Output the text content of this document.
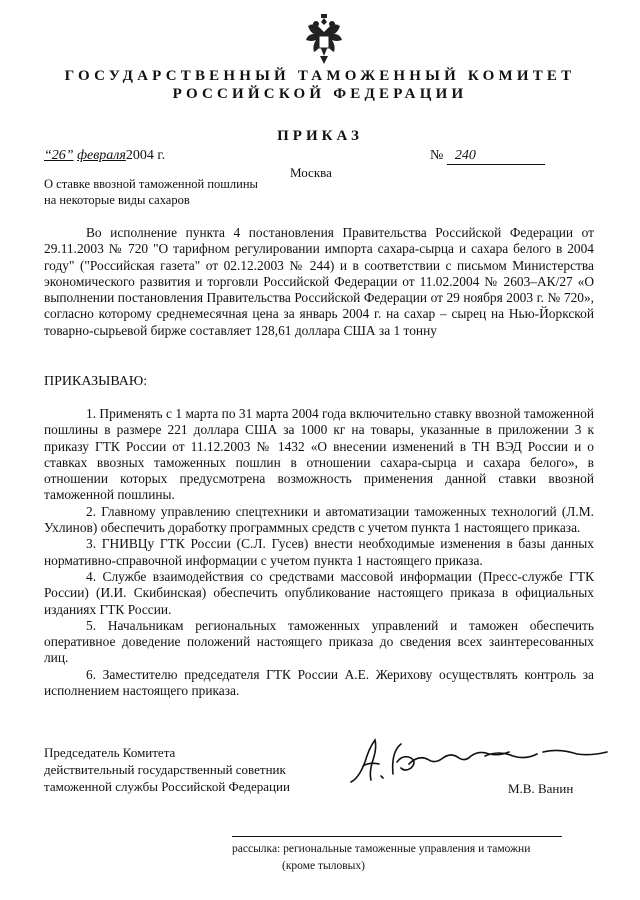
ГОСУДАРСТВЕННЫЙ ТАМОЖЕННЫЙ КОМИТЕТ
РОССИЙСКОЙ ФЕДЕРАЦИИ
ПРИКАЗ
“26” февраля2004 г.	№ 240
Москва
О ставке ввозной таможенной пошлины
на некоторые виды сахаров
Во исполнение пункта 4 постановления Правительства Российской Федерации от 29.11.2003 № 720 "О тарифном регулировании импорта сахара-сырца и сахара белого в 2004 году" ("Российская газета" от 02.12.2003 № 244) и в соответствии с письмом Министерства экономического развития и торговли Российской Федерации от 11.02.2004 № 2603–АК/27 «О выполнении постановления Правительства Российской Федерации от 29 ноября 2003 г. № 720», согласно которому среднемесячная цена за январь 2004 г. на сахар – сырец на Нью-Йоркской товарно-сырьевой бирже составляет 128,61 доллара США за 1 тонну
ПРИКАЗЫВАЮ:

1. Применять с 1 марта по 31 марта 2004 года включительно ставку ввозной таможенной пошлины в размере 221 доллара США за 1000 кг на товары, указанные в приложении 3 к приказу ГТК России от 11.12.2003 № 1432 «О внесении изменений в ТН ВЭД России и о ставках ввозных таможенных пошлин в отношении сахара-сырца и сахара белого», в отношении которых предусмотрена возможность применения данной ставки ввозной таможенной пошлины.

2. Главному управлению спецтехники и автоматизации таможенных технологий (Л.М. Ухлинов) обеспечить доработку программных средств с учетом пункта 1 настоящего приказа.

3. ГНИВЦу ГТК России (С.Л. Гусев) внести необходимые изменения в базы данных нормативно-справочной информации с учетом пункта 1 настоящего приказа.

4. Службе взаимодействия со средствами массовой информации (Пресс-службе ГТК России) (И.И. Скибинская) обеспечить опубликование настоящего приказа в официальных изданиях ГТК России.

5. Начальникам региональных таможенных управлений и таможен обеспечить оперативное доведение положений настоящего приказа до сведения всех заинтересованных лиц.

6. Заместителю председателя ГТК России А.Е. Жерихову осуществлять контроль за исполнением настоящего приказа.

Председатель Комитета
действительный государственный советник
таможенной службы Российской Федерации	М.В. Ванин
рассылка: региональные таможенные управления и таможни
(кроме тыловых)
